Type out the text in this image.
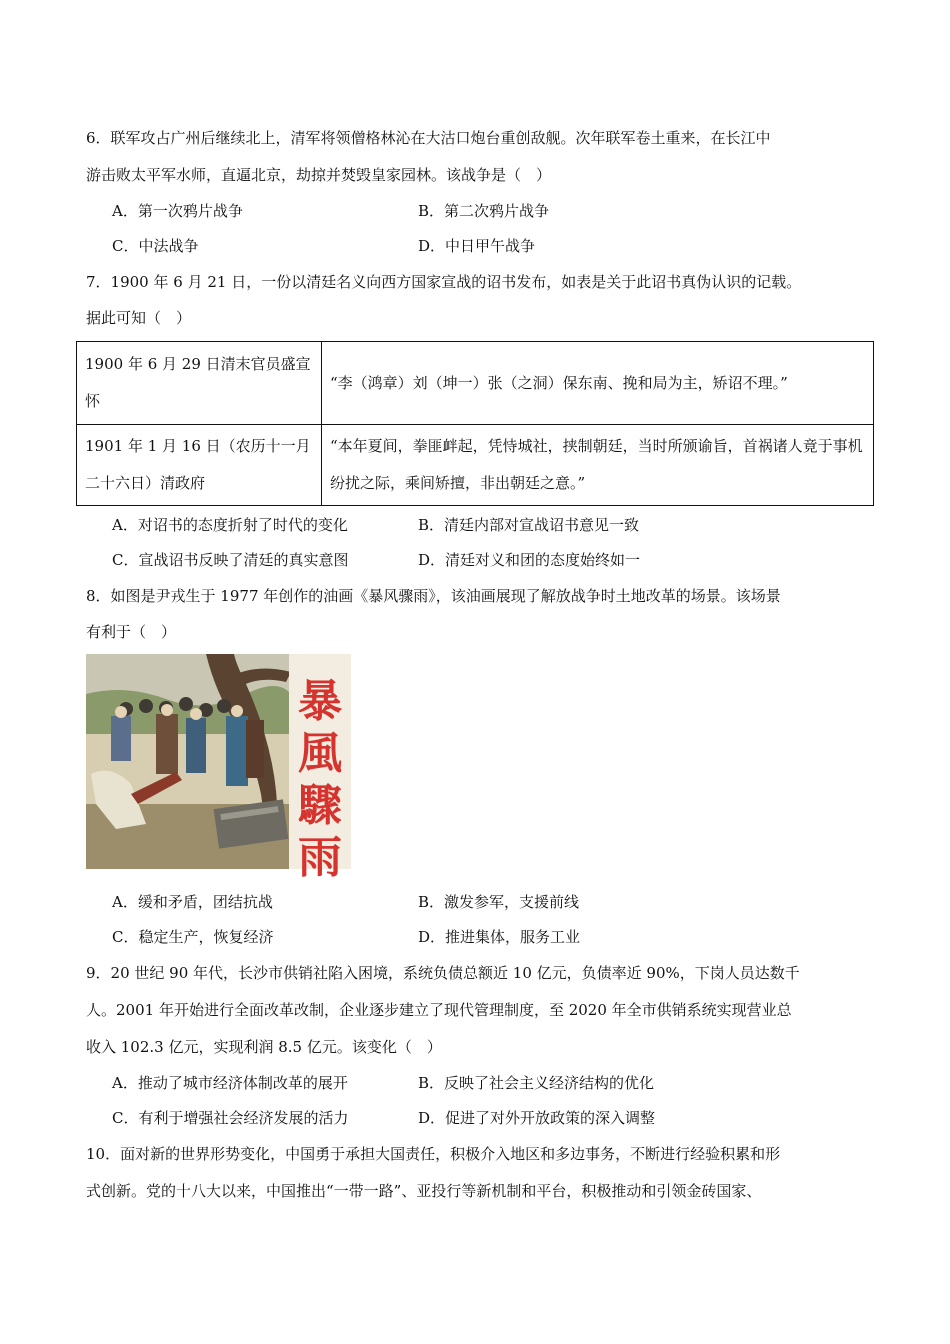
6．联军攻占广州后继续北上，清军将领僧格林沁在大沽口炮台重创敌舰。次年联军卷土重来，在长江中
游击败太平军水师，直逼北京，劫掠并焚毁皇家园林。该战争是（　）
A．第一次鸦片战争	B．第二次鸦片战争
C．中法战争	D．中日甲午战争
7．1900 年 6 月 21 日，一份以清廷名义向西方国家宣战的诏书发布，如表是关于此诏书真伪认识的记载。
据此可知（　）
1900 年 6 月 29 日清末官员盛宣怀	“李（鸿章）刘（坤一）张（之洞）保东南、挽和局为主，矫诏不理。”
1901 年 1 月 16 日（农历十一月二十六日）清政府	“本年夏间，拳匪衅起，凭恃城社，挟制朝廷，当时所颁谕旨，首祸诸人竟于事机纷扰之际，乘间矫擅，非出朝廷之意。”
A．对诏书的态度折射了时代的变化	B．清廷内部对宣战诏书意见一致
C．宣战诏书反映了清廷的真实意图	D．清廷对义和团的态度始终如一
8．如图是尹戎生于 1977 年创作的油画《暴风骤雨》，该油画展现了解放战争时土地改革的场景。该场景
有利于（　）
暴
風
驟
雨
A．缓和矛盾，团结抗战	B．激发参军，支援前线
C．稳定生产，恢复经济	D．推进集体，服务工业
9．20 世纪 90 年代，长沙市供销社陷入困境，系统负债总额近 10 亿元，负债率近 90%，下岗人员达数千
人。2001 年开始进行全面改革改制，企业逐步建立了现代管理制度，至 2020 年全市供销系统实现营业总
收入 102.3 亿元，实现利润 8.5 亿元。该变化（　）
A．推动了城市经济体制改革的展开	B．反映了社会主义经济结构的优化
C．有利于增强社会经济发展的活力	D．促进了对外开放政策的深入调整
10．面对新的世界形势变化，中国勇于承担大国责任，积极介入地区和多边事务，不断进行经验积累和形
式创新。党的十八大以来，中国推出“一带一路”、亚投行等新机制和平台，积极推动和引领金砖国家、
